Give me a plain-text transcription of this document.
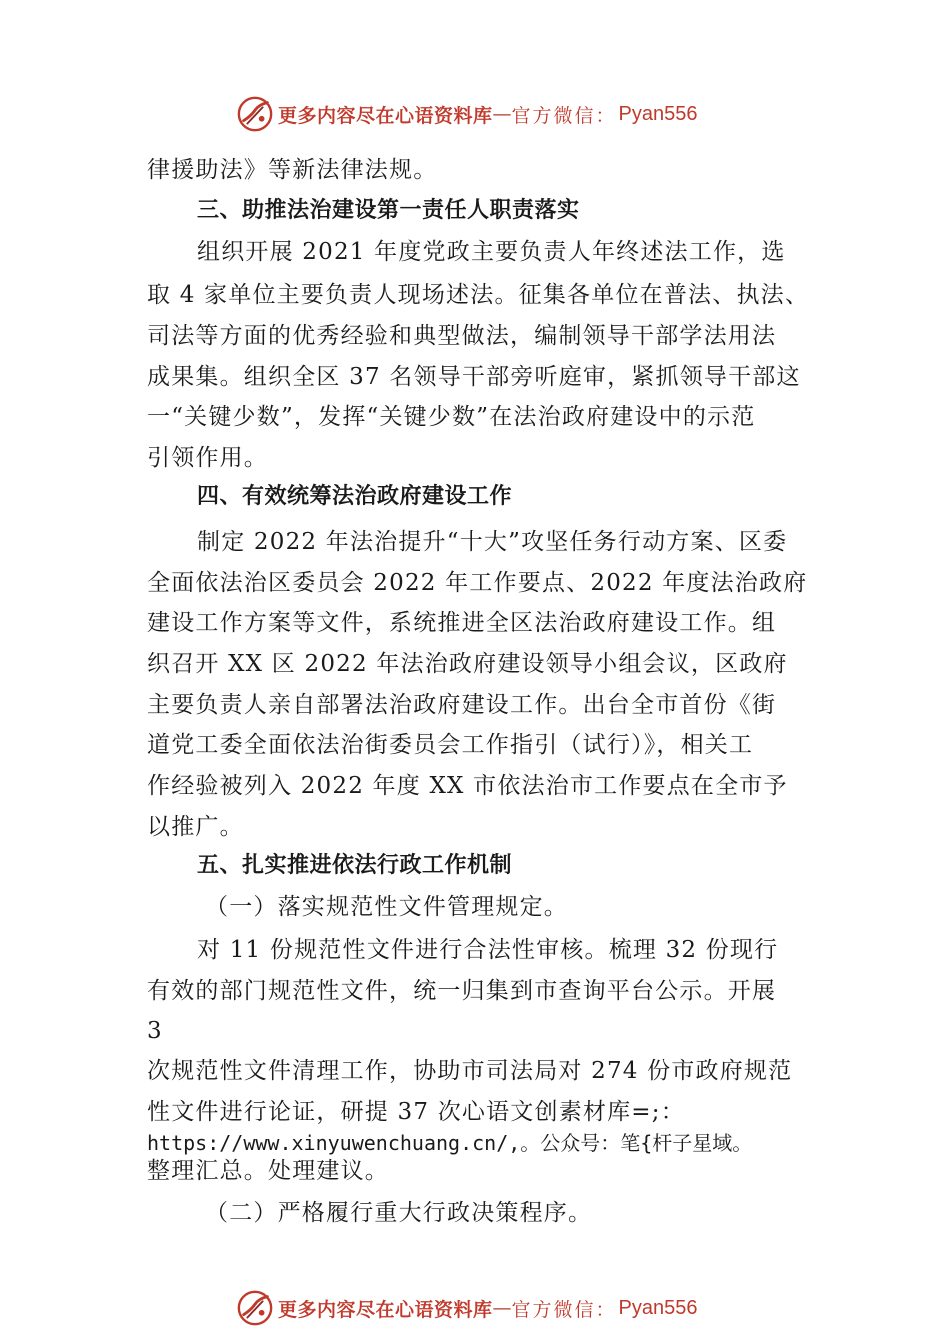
更多内容尽在心语资料库 — 官方微信： Pyan556
律援助法》等新法律法规。
三、助推法治建设第一责任人职责落实
组织开展 2021 年度党政主要负责人年终述法工作，选
取 4 家单位主要负责人现场述法。征集各单位在普法、执法、
司法等方面的优秀经验和典型做法，编制领导干部学法用法
成果集。组织全区 37 名领导干部旁听庭审，紧抓领导干部这
一“关键少数”，发挥“关键少数”在法治政府建设中的示范
引领作用。
四、有效统筹法治政府建设工作
制定 2022 年法治提升“十大”攻坚任务行动方案、区委
全面依法治区委员会 2022 年工作要点、2022 年度法治政府
建设工作方案等文件，系统推进全区法治政府建设工作。组
织召开 XX 区 2022 年法治政府建设领导小组会议，区政府
主要负责人亲自部署法治政府建设工作。出台全市首份《街
道党工委全面依法治街委员会工作指引（试行）》，相关工
作经验被列入 2022 年度 XX 市依法治市工作要点在全市予
以推广。
五、扎实推进依法行政工作机制
（一）落实规范性文件管理规定。
对 11 份规范性文件进行合法性审核。梳理 32 份现行
有效的部门规范性文件，统一归集到市查询平台公示。开展
3
次规范性文件清理工作，协助市司法局对 274 份市政府规范
性文件进行论证，研提 37 次心语文创素材库=;：
https://www.xinyuwenchuang.cn/,。公众号：笔{杆子星域。
整理汇总。处理建议。
（二）严格履行重大行政决策程序。
更多内容尽在心语资料库 — 官方微信： Pyan556
